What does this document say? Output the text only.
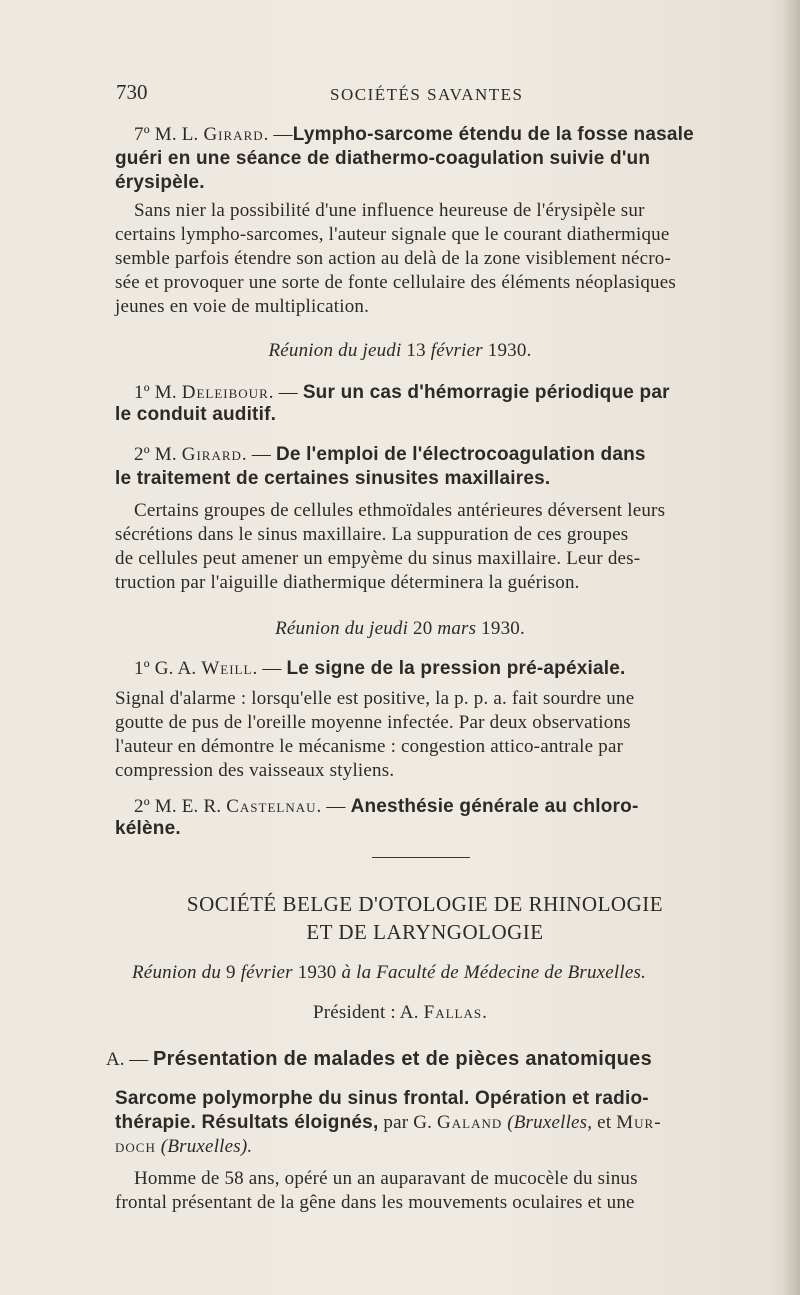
730	SOCIÉTÉS SAVANTES
7º M. L. Girard. —Lympho-sarcome étendu de la fosse nasale
guéri en une séance de diathermo-coagulation suivie d'un
érysipèle.
Sans nier la possibilité d'une influence heureuse de l'érysipèle sur
certains lympho-sarcomes, l'auteur signale que le courant diathermique
semble parfois étendre son action au delà de la zone visiblement nécro-
sée et provoquer une sorte de fonte cellulaire des éléments néoplasiques
jeunes en voie de multiplication.
Réunion du jeudi 13 février 1930.
1º M. Deleibour. — Sur un cas d'hémorragie périodique par
le conduit auditif.
2º M. Girard. — De l'emploi de l'électrocoagulation dans
le traitement de certaines sinusites maxillaires.
Certains groupes de cellules ethmoïdales antérieures déversent leurs
sécrétions dans le sinus maxillaire. La suppuration de ces groupes
de cellules peut amener un empyème du sinus maxillaire. Leur des-
truction par l'aiguille diathermique déterminera la guérison.
Réunion du jeudi 20 mars 1930.
1º G. A. Weill. — Le signe de la pression pré-apéxiale.
Signal d'alarme : lorsqu'elle est positive, la p. p. a. fait sourdre une
goutte de pus de l'oreille moyenne infectée. Par deux observations
l'auteur en démontre le mécanisme : congestion attico-antrale par
compression des vaisseaux styliens.
2º M. E. R. Castelnau. — Anesthésie générale au chloro-
kélène.
SOCIÉTÉ BELGE D'OTOLOGIE DE RHINOLOGIE
ET DE LARYNGOLOGIE
Réunion du 9 février 1930 à la Faculté de Médecine de Bruxelles.
Président : A. Fallas.
A. — Présentation de malades et de pièces anatomiques
Sarcome polymorphe du sinus frontal. Opération et radio-
thérapie. Résultats éloignés, par G. Galand (Bruxelles, et Mur-
doch (Bruxelles).
Homme de 58 ans, opéré un an auparavant de mucocèle du sinus
frontal présentant de la gêne dans les mouvements oculaires et une
